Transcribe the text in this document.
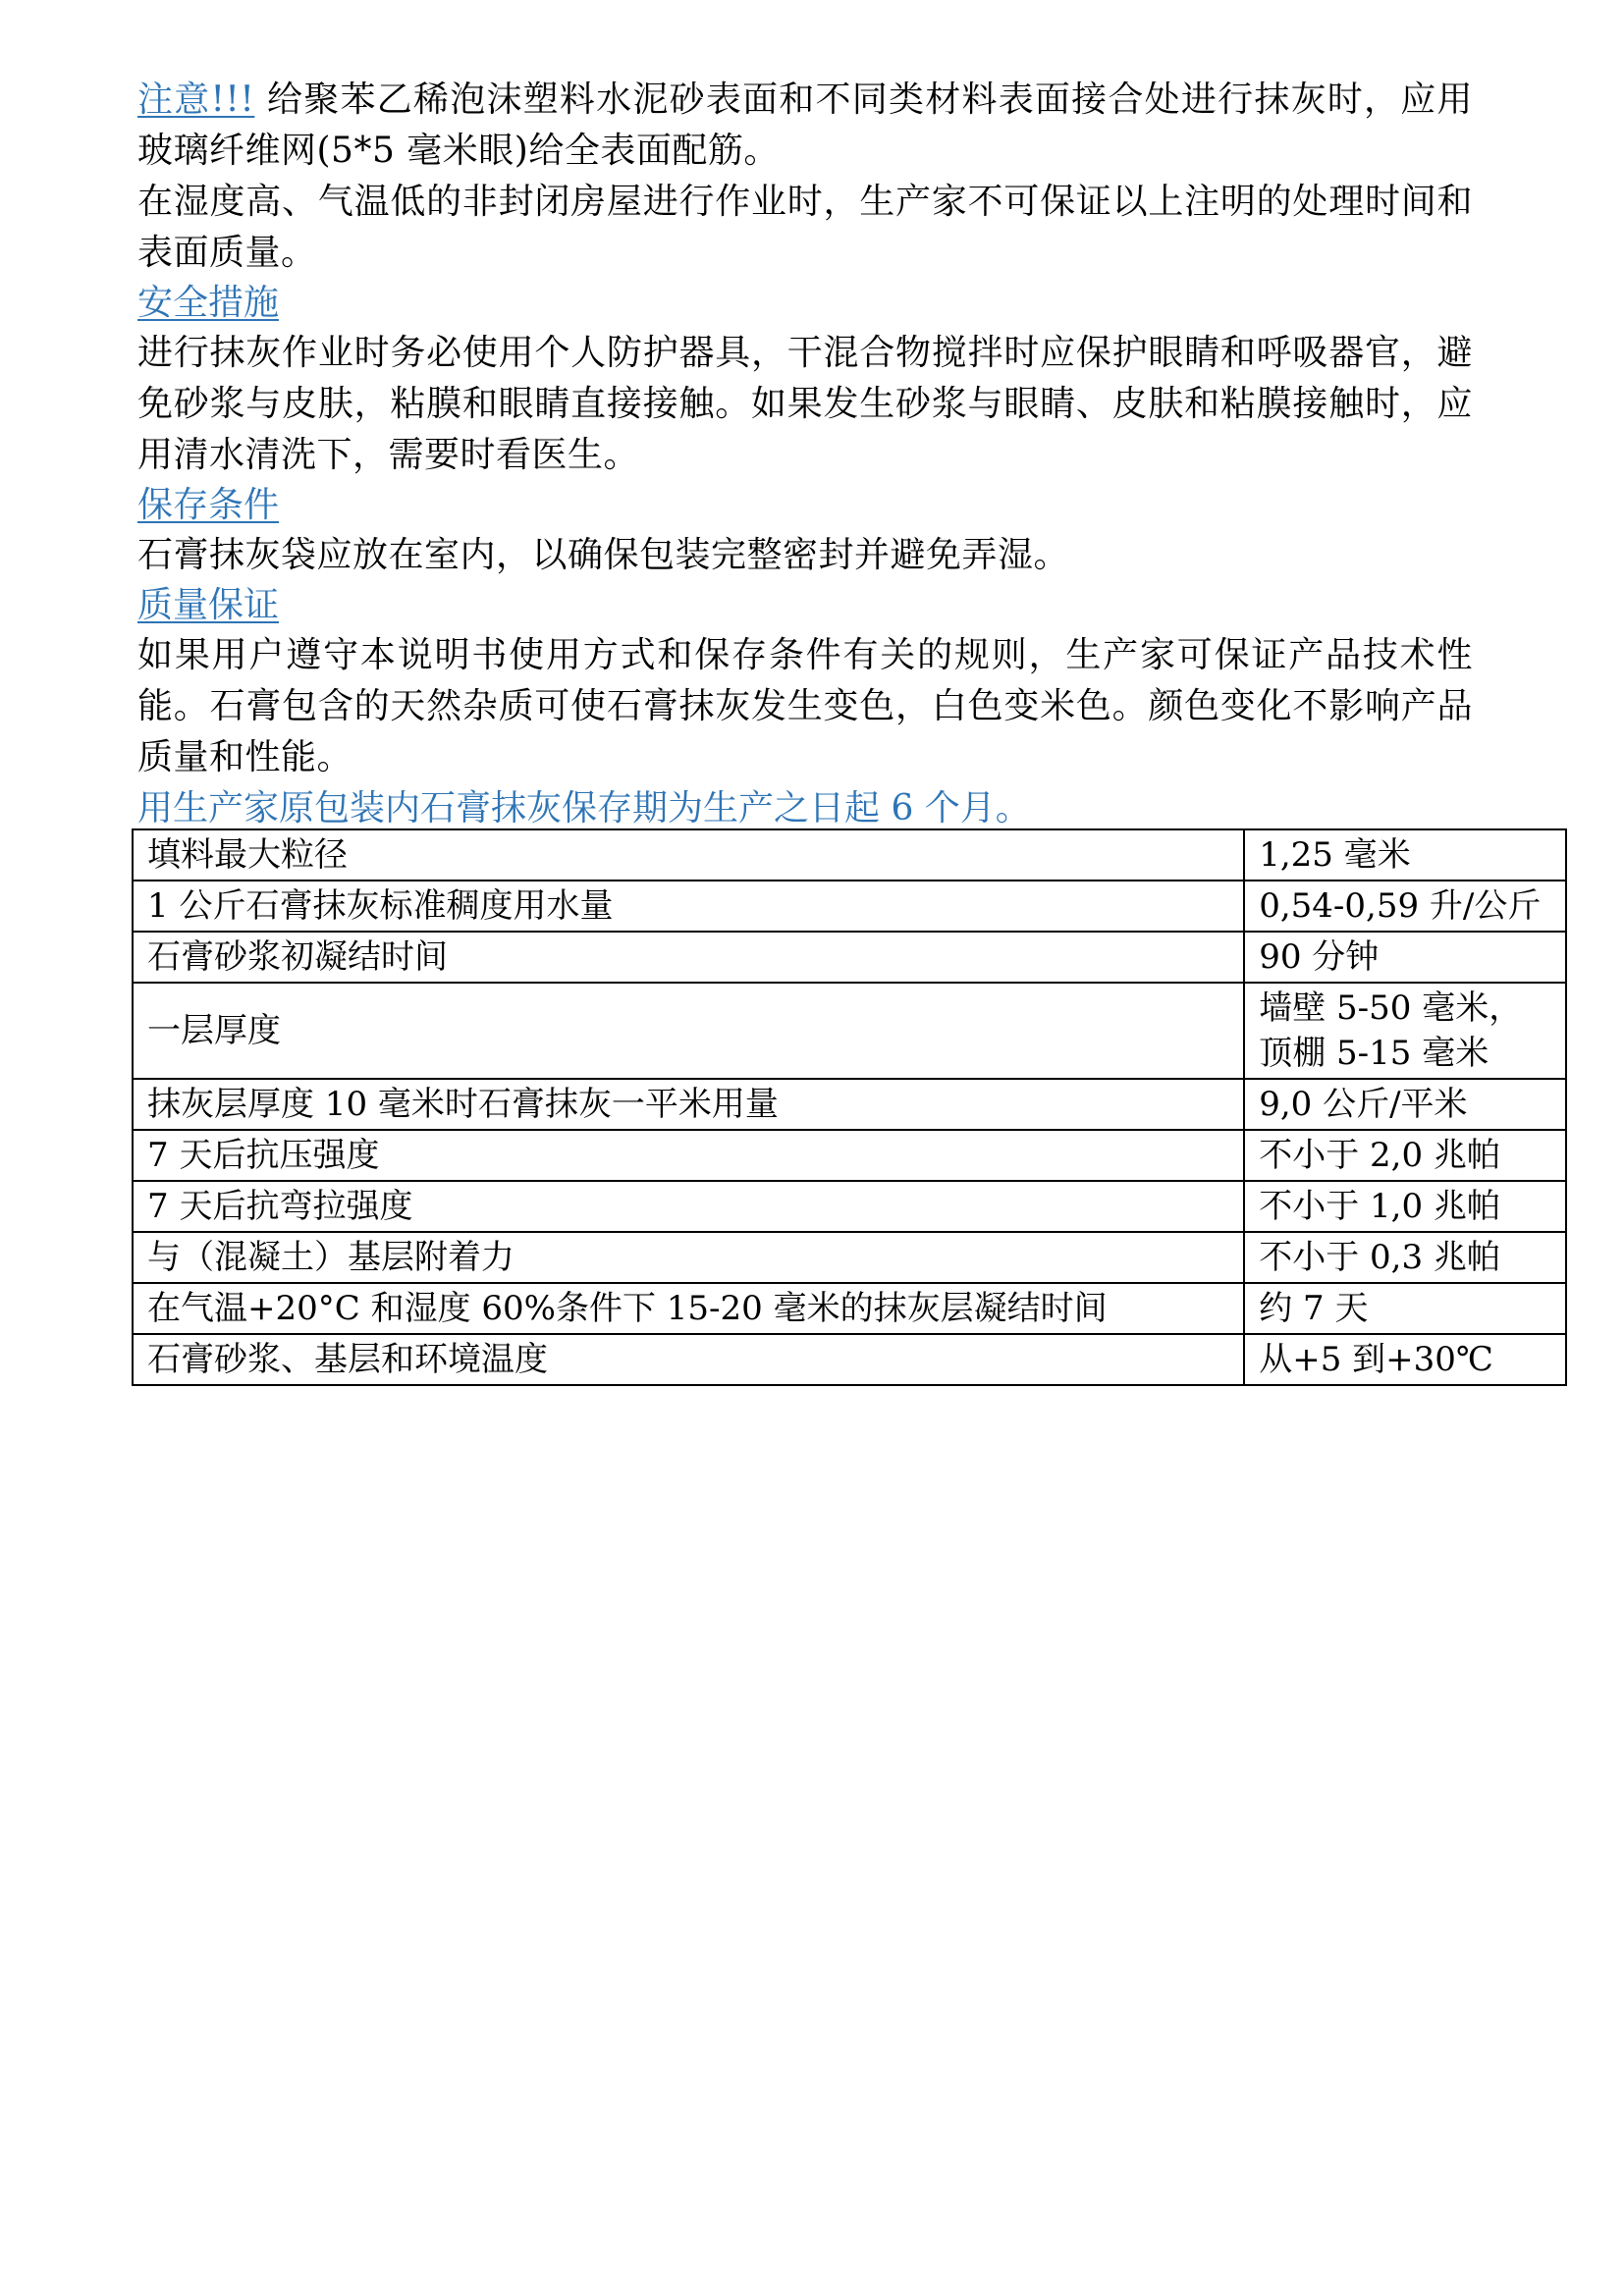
注意!!! 给聚苯乙稀泡沫塑料水泥砂表面和不同类材料表面接合处进行抹灰时，应用玻璃纤维网(5*5 毫米眼)给全表面配筋。

在湿度高、气温低的非封闭房屋进行作业时，生产家不可保证以上注明的处理时间和表面质量。

安全措施

进行抹灰作业时务必使用个人防护器具，干混合物搅拌时应保护眼睛和呼吸器官，避免砂浆与皮肤，粘膜和眼睛直接接触。如果发生砂浆与眼睛、皮肤和粘膜接触时，应用清水清洗下，需要时看医生。

保存条件

石膏抹灰袋应放在室内，以确保包装完整密封并避免弄湿。

质量保证

如果用户遵守本说明书使用方式和保存条件有关的规则，生产家可保证产品技术性能。石膏包含的天然杂质可使石膏抹灰发生变色，白色变米色。颜色变化不影响产品质量和性能。

用生产家原包装内石膏抹灰保存期为生产之日起 6 个月。

填料最大粒径	1,25 毫米
1 公斤石膏抹灰标准稠度用水量	0,54-0,59 升/公斤
石膏砂浆初凝结时间	90 分钟
一层厚度	墙壁 5-50 毫米，顶棚 5-15 毫米
抹灰层厚度 10 毫米时石膏抹灰一平米用量	9,0 公斤/平米
7 天后抗压强度	不小于 2,0 兆帕
7 天后抗弯拉强度	不小于 1,0 兆帕
与（混凝土）基层附着力	不小于 0,3 兆帕
在气温+20°C 和湿度 60%条件下 15-20 毫米的抹灰层凝结时间	约 7 天
石膏砂浆、基层和环境温度	从+5 到+30℃
